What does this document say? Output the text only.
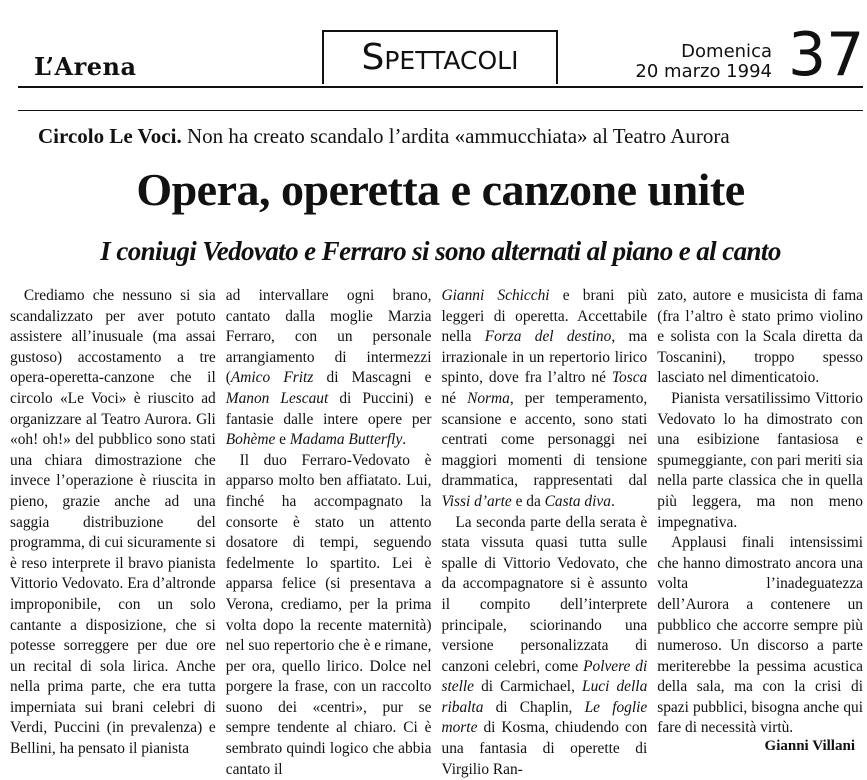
L’Arena	Spettacoli	Domenica
20 marzo 1994 37
Circolo Le Voci. Non ha creato scandalo l’ardita «ammucchiata» al Teatro Aurora
Opera, operetta e canzone unite
I coniugi Vedovato e Ferraro si sono alternati al piano e al canto

Crediamo che nessuno si sia scandalizzato per aver potuto assistere all’inusuale (ma assai gustoso) accostamento a tre opera-operetta-canzone che il circolo «Le Voci» è riuscito ad organizzare al Teatro Aurora. Gli «oh! oh!» del pubblico sono stati una chiara dimostrazione che invece l’operazione è riuscita in pieno, grazie anche ad una saggia distribuzione del programma, di cui sicuramente si è reso interprete il bravo pianista Vittorio Vedovato. Era d’altronde improponibile, con un solo cantante a disposizione, che si potesse sorreggere per due ore un recital di sola lirica. Anche nella prima parte, che era tutta imperniata sui brani celebri di Verdi, Puccini (in prevalenza) e Bellini, ha pensato il pianista

ad intervallare ogni brano, cantato dalla moglie Marzia Ferraro, con un personale arrangiamento di intermezzi (Amico Fritz di Mascagni e Manon Lescaut di Puccini) e fantasie dalle intere opere per Bohème e Madama Butterfly.

Il duo Ferraro-Vedovato è apparso molto ben affiatato. Lui, finché ha accompagnato la consorte è stato un attento dosatore di tempi, seguendo fedelmente lo spartito. Lei è apparsa felice (si presentava a Verona, crediamo, per la prima volta dopo la recente maternità) nel suo repertorio che è e rimane, per ora, quello lirico. Dolce nel porgere la frase, con un raccolto suono dei «centri», pur se sempre tendente al chiaro. Ci è sembrato quindi logico che abbia cantato il

Gianni Schicchi e brani più leggeri di operetta. Accettabile nella Forza del destino, ma irrazionale in un repertorio lirico spinto, dove fra l’altro né Tosca né Norma, per temperamento, scansione e accento, sono stati centrati come personaggi nei maggiori momenti di tensione drammatica, rappresentati dal Vissi d’arte e da Casta diva.

La seconda parte della serata è stata vissuta quasi tutta sulle spalle di Vittorio Vedovato, che da accompagnatore si è assunto il compito dell’interprete principale, sciorinando una versione personalizzata di canzoni celebri, come Polvere di stelle di Carmichael, Luci della ribalta di Chaplin, Le foglie morte di Kosma, chiudendo con una fantasia di operette di Virgilio Ran-

zato, autore e musicista di fama (fra l’altro è stato primo violino e solista con la Scala diretta da Toscanini), troppo spesso lasciato nel dimenticatoio.

Pianista versatilissimo Vittorio Vedovato lo ha dimostrato con una esibizione fantasiosa e spumeggiante, con pari meriti sia nella parte classica che in quella più leggera, ma non meno impegnativa.

Applausi finali intensissimi che hanno dimostrato ancora una volta l’inadeguatezza dell’Aurora a contenere un pubblico che accorre sempre più numeroso. Un discorso a parte meriterebbe la pessima acustica della sala, ma con la crisi di spazi pubblici, bisogna anche qui fare di necessità virtù.

Gianni Villani
